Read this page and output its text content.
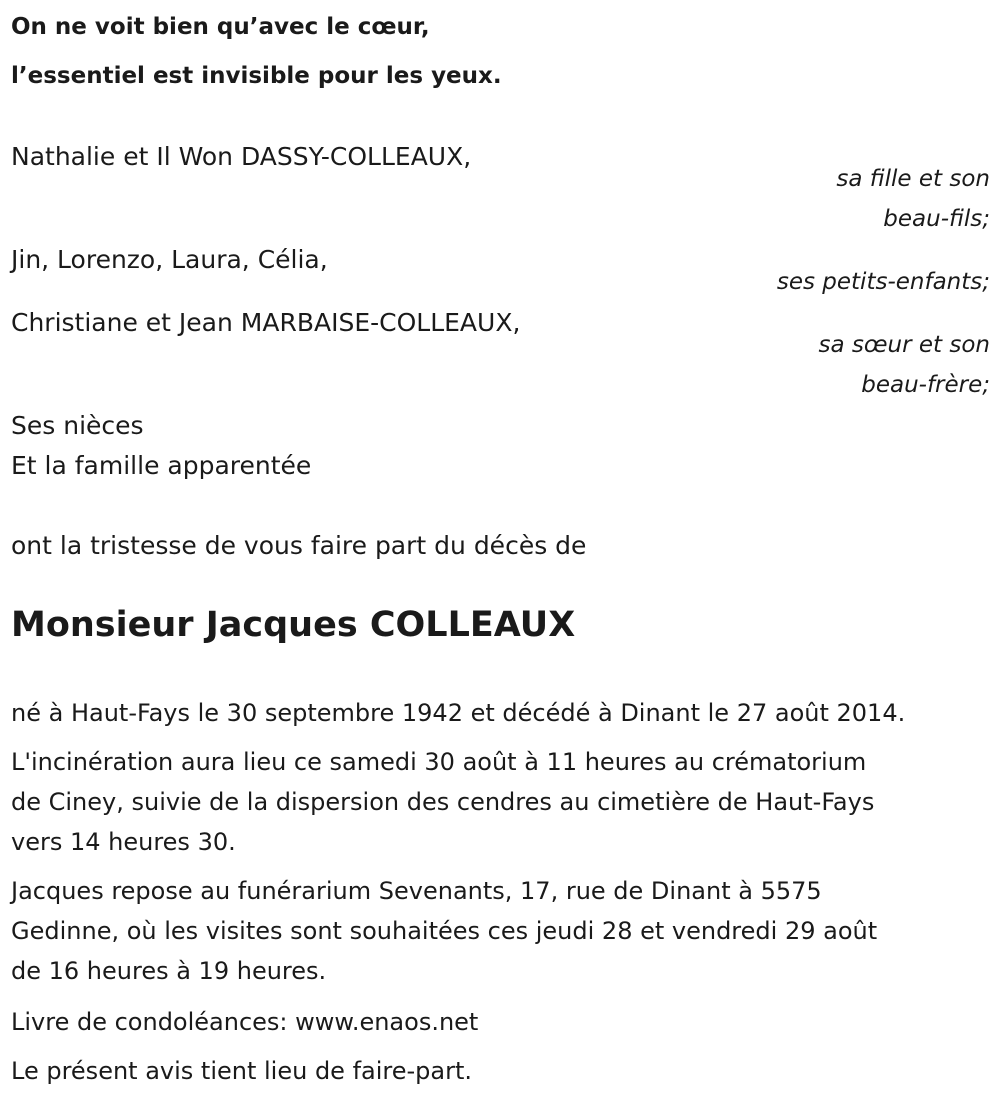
On ne voit bien qu’avec le cœur,
l’essentiel est invisible pour les yeux.
Nathalie et Il Won DASSY-COLLEAUX,
sa fille et son
beau-fils;
Jin, Lorenzo, Laura, Célia,
ses petits-enfants;
Christiane et Jean MARBAISE-COLLEAUX,
sa sœur et son
beau-frère;
Ses nièces
Et la famille apparentée
ont la tristesse de vous faire part du décès de
Monsieur Jacques COLLEAUX
né à Haut-Fays le 30 septembre 1942 et décédé à Dinant le 27 août 2014.
L'incinération aura lieu ce samedi 30 août à 11 heures au crématorium
de Ciney, suivie de la dispersion des cendres au cimetière de Haut-Fays
vers 14 heures 30.
Jacques repose au funérarium Sevenants, 17, rue de Dinant à 5575
Gedinne, où les visites sont souhaitées ces jeudi 28 et vendredi 29 août
de 16 heures à 19 heures.
Livre de condoléances: www.enaos.net
Le présent avis tient lieu de faire-part.
